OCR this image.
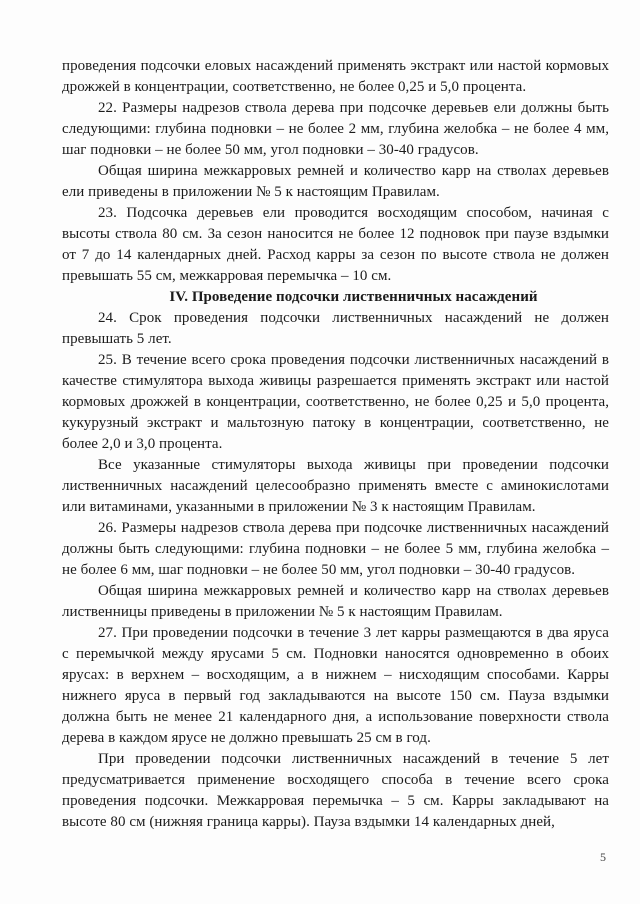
проведения подсочки еловых насаждений применять экстракт или настой кормовых дрожжей в концентрации, соответственно, не более 0,25 и 5,0 процента.

22. Размеры надрезов ствола дерева при подсочке деревьев ели должны быть следующими: глубина подновки – не более 2 мм, глубина желобка – не более 4 мм, шаг подновки – не более 50 мм, угол подновки – 30-40 градусов.

Общая ширина межкарровых ремней и количество карр на стволах деревьев ели приведены в приложении № 5 к настоящим Правилам.

23. Подсочка деревьев ели проводится восходящим способом, начиная с высоты ствола 80 см. За сезон наносится не более 12 подновок при паузе вздымки от 7 до 14 календарных дней. Расход карры за сезон по высоте ствола не должен превышать 55 см, межкарровая перемычка – 10 см.

IV. Проведение подсочки лиственничных насаждений

24. Срок проведения подсочки лиственничных насаждений не должен превышать 5 лет.

25. В течение всего срока проведения подсочки лиственничных насаждений в качестве стимулятора выхода живицы разрешается применять экстракт или настой кормовых дрожжей в концентрации, соответственно, не более 0,25 и 5,0 процента, кукурузный экстракт и мальтозную патоку в концентрации, соответственно, не более 2,0 и 3,0 процента.

Все указанные стимуляторы выхода живицы при проведении подсочки лиственничных насаждений целесообразно применять вместе с аминокислотами или витаминами, указанными в приложении № 3 к настоящим Правилам.

26. Размеры надрезов ствола дерева при подсочке лиственничных насаждений должны быть следующими: глубина подновки – не более 5 мм, глубина желобка – не более 6 мм, шаг подновки – не более 50 мм, угол подновки – 30-40 градусов.

Общая ширина межкарровых ремней и количество карр на стволах деревьев лиственницы приведены в приложении № 5 к настоящим Правилам.

27. При проведении подсочки в течение 3 лет карры размещаются в два яруса с перемычкой между ярусами 5 см. Подновки наносятся одновременно в обоих ярусах: в верхнем – восходящим, а в нижнем – нисходящим способами. Карры нижнего яруса в первый год закладываются на высоте 150 см. Пауза вздымки должна быть не менее 21 календарного дня, а использование поверхности ствола дерева в каждом ярусе не должно превышать 25 см в год.

При проведении подсочки лиственничных насаждений в течение 5 лет предусматривается применение восходящего способа в течение всего срока проведения подсочки. Межкарровая перемычка – 5 см. Карры закладывают на высоте 80 см (нижняя граница карры). Пауза вздымки 14 календарных дней,

5
